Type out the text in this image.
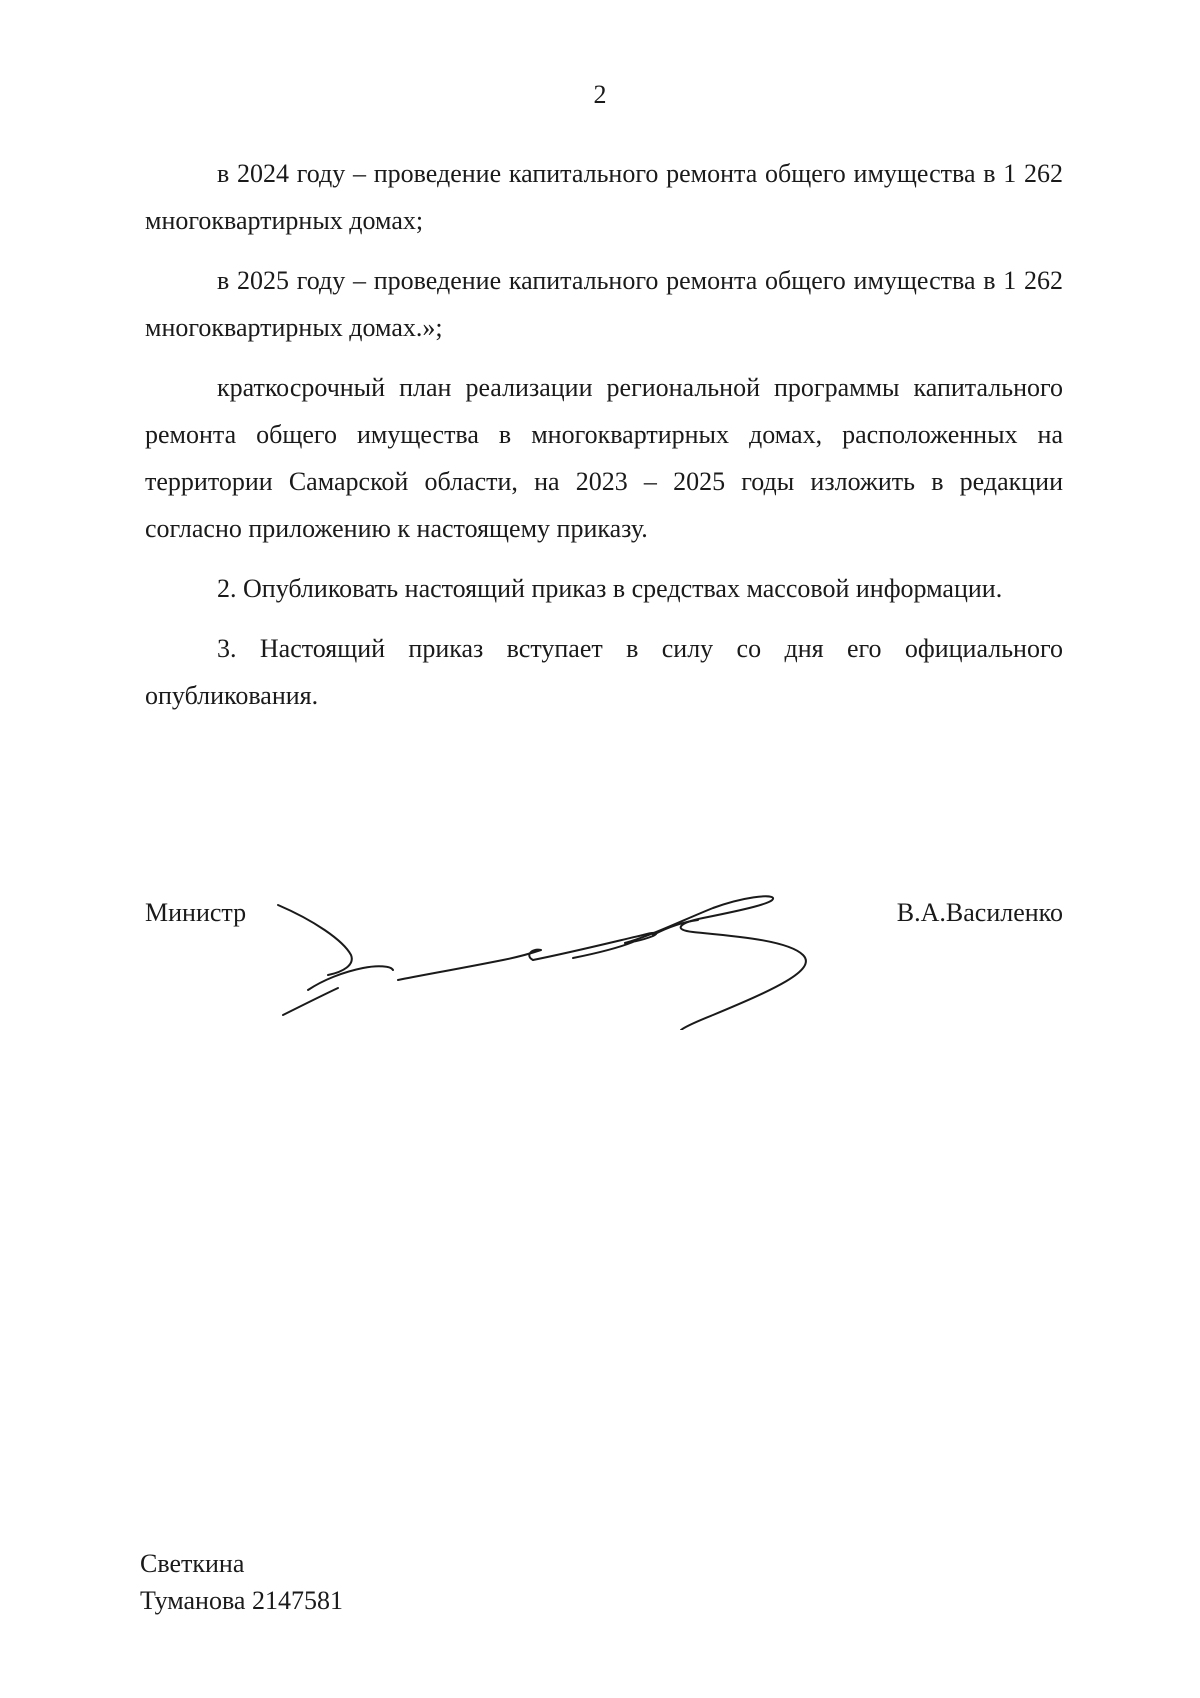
2

в 2024 году – проведение капитального ремонта общего имущества в 1 262 многоквартирных домах;

в 2025 году – проведение капитального ремонта общего имущества в 1 262 многоквартирных домах.»;

краткосрочный план реализации региональной программы капитального ремонта общего имущества в многоквартирных домах, расположенных на территории Самарской области, на 2023 – 2025 годы изложить в редакции согласно приложению к настоящему приказу.

2. Опубликовать настоящий приказ в средствах массовой информации.

3. Настоящий приказ вступает в силу со дня его официального опубликования.

Министр	В.А.Василенко
Светкина
Туманова 2147581
